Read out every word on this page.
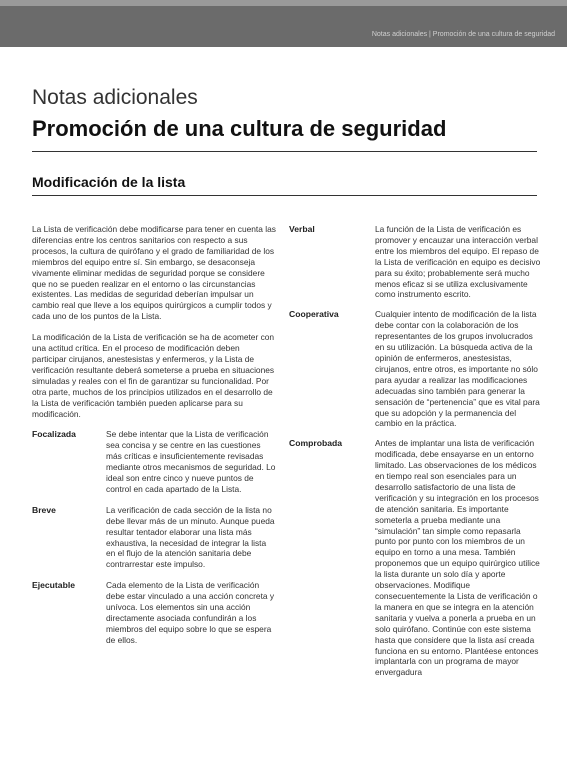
Notas adicionales | Promoción de una cultura de seguridad
Notas adicionales
Promoción de una cultura de seguridad
Modificación de la lista

La Lista de verificación debe modificarse para tener en cuenta las diferencias entre los centros sanitarios con respecto a sus procesos, la cultura de quirófano y el grado de familiaridad de los miembros del equipo entre sí. Sin embargo, se desaconseja vivamente eliminar medidas de seguridad porque se considere que no se pueden realizar en el entorno o las circunstancias existentes. Las medidas de seguridad deberían impulsar un cambio real que lleve a los equipos quirúrgicos a cumplir todos y cada uno de los puntos de la Lista.

La modificación de la Lista de verificación se ha de acometer con una actitud crítica. En el proceso de modificación deben participar cirujanos, anestesistas y enfermeros, y la Lista de verificación resultante deberá someterse a prueba en situaciones simuladas y reales con el fin de garantizar su funcionalidad. Por otra parte, muchos de los principios utilizados en el desarrollo de la Lista de verificación también pueden aplicarse para su modificación.

Focalizada	Se debe intentar que la Lista de verificación sea concisa y se centre en las cuestiones más críticas e insuficientemente revisadas mediante otros mecanismos de seguridad. Lo ideal son entre cinco y nueve puntos de control en cada apartado de la Lista.
Breve	La verificación de cada sección de la lista no debe llevar más de un minuto. Aunque pueda resultar tentador elaborar una lista más exhaustiva, la necesidad de integrar la lista en el flujo de la atención sanitaria debe contrarrestar este impulso.
Ejecutable	Cada elemento de la Lista de verificación debe estar vinculado a una acción concreta y unívoca. Los elementos sin una acción directamente asociada confundirán a los miembros del equipo sobre lo que se espera de ellos.
Verbal	La función de la Lista de verificación es promover y encauzar una interacción verbal entre los miembros del equipo. El repaso de la Lista de verificación en equipo es decisivo para su éxito; probablemente será mucho menos eficaz si se utiliza exclusivamente como instrumento escrito.
Cooperativa	Cualquier intento de modificación de la lista debe contar con la colaboración de los representantes de los grupos involucrados en su utilización. La búsqueda activa de la opinión de enfermeros, anestesistas, cirujanos, entre otros, es importante no sólo para ayudar a realizar las modificaciones adecuadas sino también para generar la sensación de “pertenencia” que es vital para que su adopción y la permanencia del cambio en la práctica.
Comprobada	Antes de implantar una lista de verificación modificada, debe ensayarse en un entorno limitado. Las observaciones de los médicos en tiempo real son esenciales para un desarrollo satisfactorio de una lista de verificación y su integración en los procesos de atención sanitaria. Es importante someterla a prueba mediante una “simulación” tan simple como repasarla punto por punto con los miembros de un equipo en torno a una mesa. También proponemos que un equipo quirúrgico utilice la lista durante un solo día y aporte observaciones. Modifique consecuentemente la Lista de verificación o la manera en que se integra en la atención sanitaria y vuelva a ponerla a prueba en un solo quirófano. Continúe con este sistema hasta que considere que la lista así creada funciona en su entorno. Plantéese entonces implantarla con un programa de mayor envergadura
